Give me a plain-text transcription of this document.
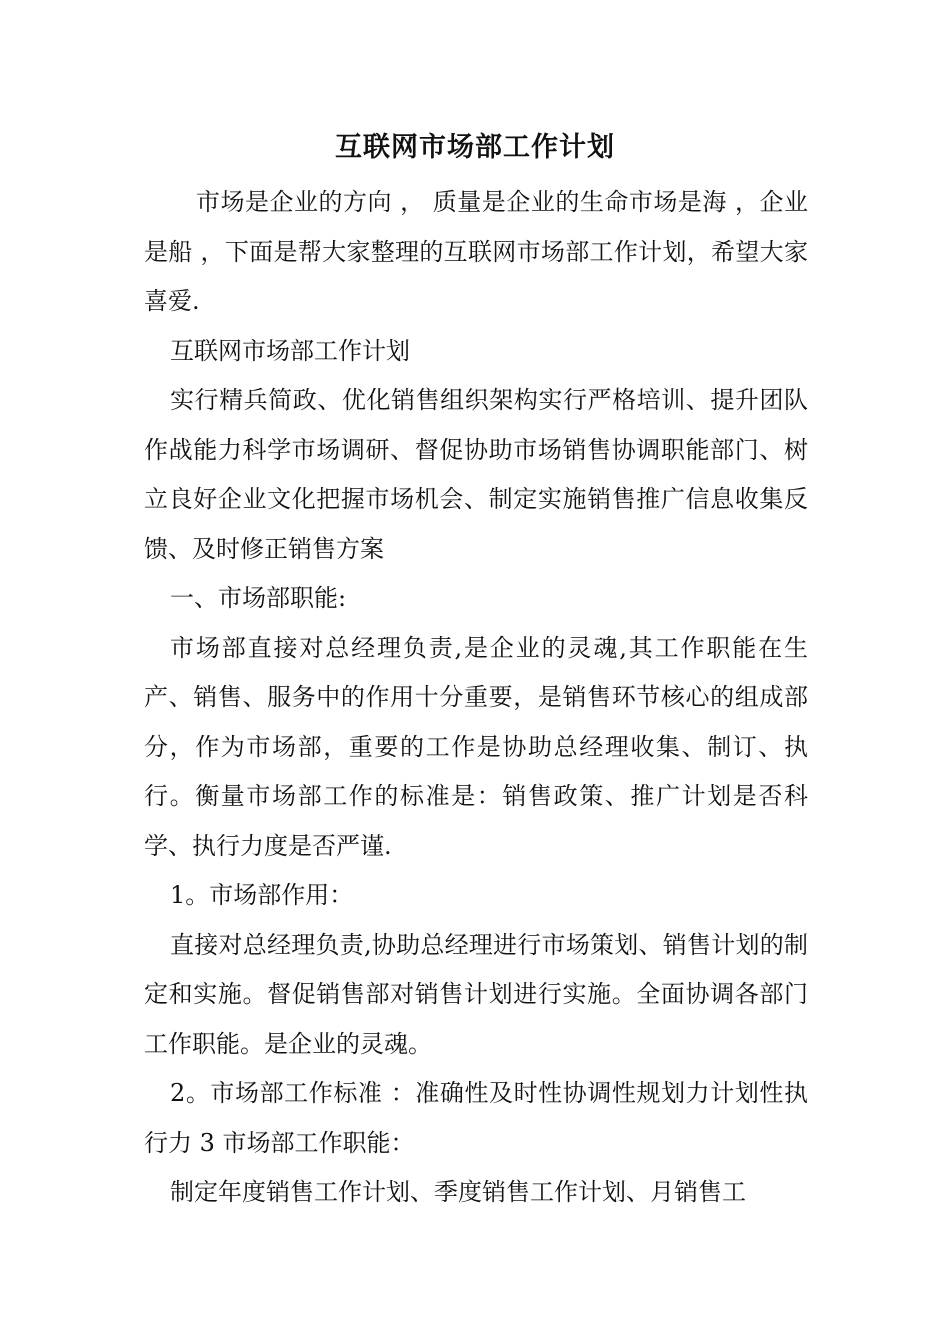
互联网市场部工作计划

市场是企业的方向 ， 质量是企业的生命市场是海 ，企业是船 ，下面是帮大家整理的互联网市场部工作计划，希望大家喜爱.

互联网市场部工作计划

实行精兵简政、优化销售组织架构实行严格培训、提升团队作战能力科学市场调研、督促协助市场销售协调职能部门、树立良好企业文化把握市场机会、制定实施销售推广信息收集反馈、及时修正销售方案

一、市场部职能:

市场部直接对总经理负责,是企业的灵魂,其工作职能在生产、销售、服务中的作用十分重要，是销售环节核心的组成部分，作为市场部，重要的工作是协助总经理收集、制订、执行。衡量市场部工作的标准是：销售政策、推广计划是否科学、执行力度是否严谨.

1。市场部作用：

直接对总经理负责,协助总经理进行市场策划、销售计划的制定和实施。督促销售部对销售计划进行实施。全面协调各部门工作职能。是企业的灵魂。

2。市场部工作标准 ：准确性及时性协调性规划力计划性执行力 3 市场部工作职能：

制定年度销售工作计划、季度销售工作计划、月销售工
